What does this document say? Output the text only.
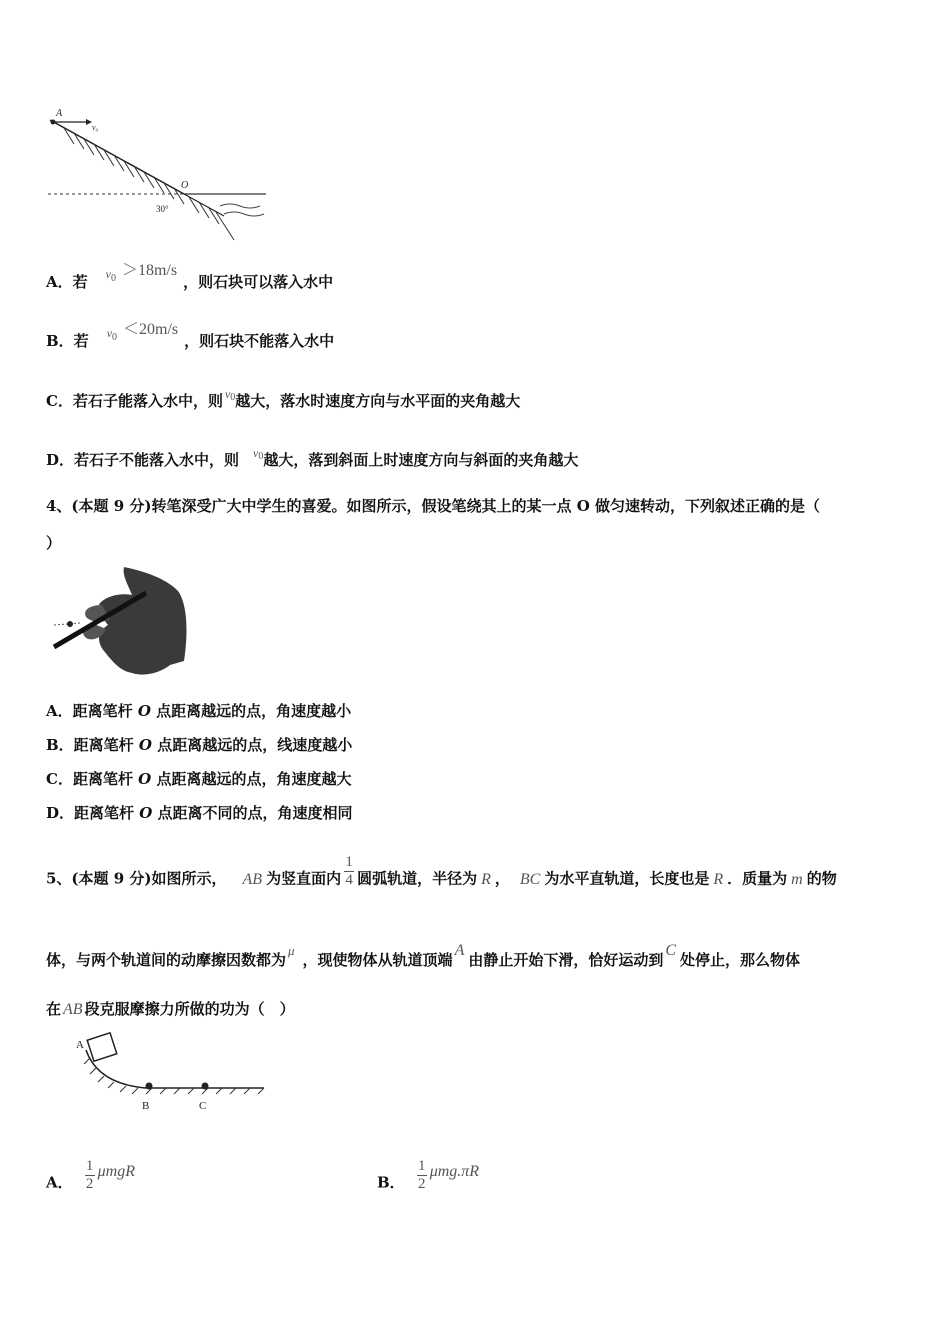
A
v₀
O
30°
A．若 $^{v0}$ ＞18m/s，则石块可以落入水中
B．若 $^{v0}$ ＜20m/s，则石块不能落入水中
C．若石子能落入水中，则 $^{v0}$越大，落水时速度方向与水平面的夹角越大
D．若石子不能落入水中，则 $^{v0}$越大，落到斜面上时速度方向与斜面的夹角越大
4、(本题 9 分)转笔深受广大中学生的喜爱。如图所示，假设笔绕其上的某一点 O 做匀速转动，下列叙述正确的是（
）
A．距离笔杆 O 点距离越远的点，角速度越小
B．距离笔杆 O 点距离越远的点，线速度越小
C．距离笔杆 O 点距离越远的点，角速度越大
D．距离笔杆 O 点距离不同的点，角速度相同
5、(本题 9 分)如图所示， AB 为竖直面内 $\frac{1}{4}$ 圆弧轨道，半径为 R ， BC 为水平直轨道，长度也是 R ．质量为 m 的物
体，与两个轨道间的动摩擦因数都为μ，现使物体从轨道顶端A由静止开始下滑，恰好运动到C处停止，那么物体
在 AB 段克服摩擦力所做的功为（　）
A
B	C
A． $\frac{1}{2}$ μmgR
B． $\frac{1}{2} \mu mg.\pi R$
